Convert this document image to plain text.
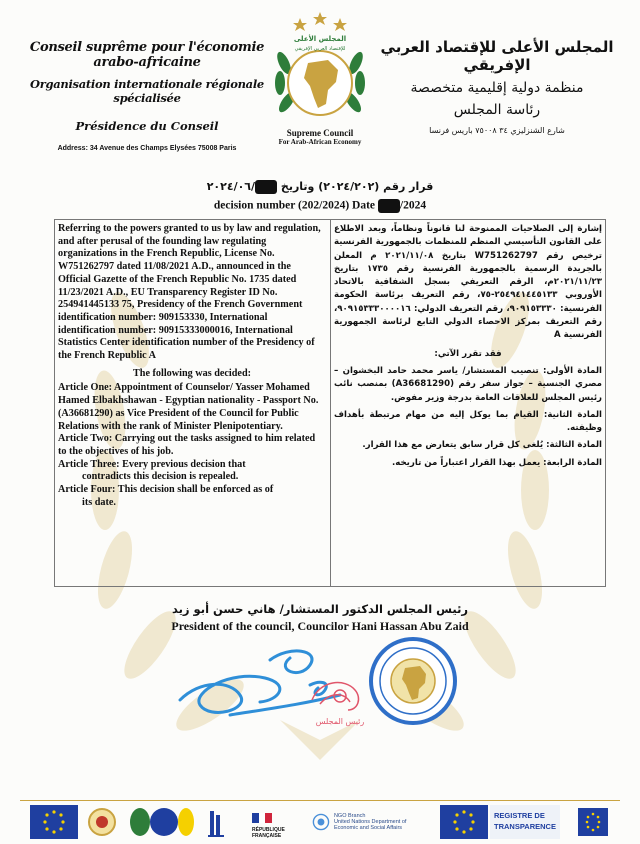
Conseil suprême pour l'économie arabo-africaine
Organisation internationale régionale spécialisée
Présidence du Conseil
Address: 34 Avenue des Champs Elysées 75008 Paris
المجلس الأعلى للإقتصاد العربي الإفريقي
منظمة دولية إقليمية متخصصة
رئاسة المجلس
شارع الشنزليزي ٣٤ ٧٥٠٠٨ باريس فرنسا
المجلس الأعلى
للإقتصاد العربي الإفريقي
Supreme Council
For Arab-African Economy
قرار رقم (٢٠٢٤/٢٠٢) وتاريخ /٢٠٢٤/٠٦
decision number (202/2024) Date /2024

Referring to the powers granted to us by law and regulation, and after perusal of the founding law regulating organizations in the French Republic, License No. W751262797 dated 11/08/2021 A.D., announced in the Official Gazette of the French Republic No. 1735 dated 11/23/2021 A.D., EU Transparency Register ID No. 254941445133 75, Presidency of the French Government identification number: 909153330, International identification number: 90915333000016, International Statistics Center identification number of the Presidency of the French Republic A

The following was decided:

Article One: Appointment of Counselor/ Yasser Mohamed Hamed Elbakhshawan - Egyptian nationality - Passport No. (A36681290) as Vice President of the Council for Public Relations with the rank of Minister Plenipotentiary.

Article Two: Carrying out the tasks assigned to him related to the objectives of his job.

Article Three: Every previous decision that

contradicts this decision is repealed.

Article Four: This decision shall be enforced as of

its date.

إشارة إلى الصلاحيات الممنوحة لنا قانوناً ونظاماً، وبعد الاطلاع على القانون التأسيسي المنظم للمنظمات بالجمهورية الفرنسية ترخيص رقم W751262797 بتاريخ ٢٠٢١/١١/٠٨ م المعلن بالجريدة الرسمية بالجمهورية الفرنسية رقم ١٧٣٥ بتاريخ ٢٠٢١/١١/٢٣م، الرقم التعريفي بسجل الشفافية بالاتحاد الأوروبي ٢٥٤٩٤١٤٤٥١٣٣-٧٥، رقم التعريف برئاسة الحكومة الفرنسية: ٩٠٩١٥٣٣٣٠، رقم التعريف الدولي: ٩٠٩١٥٣٣٣٠٠٠٠١٦، رقم التعريف بمركز الاحصاء الدولي التابع لرئاسة الجمهورية الفرنسية A

فقد تقرر الآتي:

المادة الأولى: تنصيب المستشار/ ياسر محمد حامد البخشوان – مصري الجنسية – جواز سفر رقم (A36681290) بمنصب نائب رئيس المجلس للعلاقات العامة بدرجة وزير مفوض.

المادة الثانية: القيام بما يوكل إليه من مهام مرتبطة بأهداف وظيفته.

المادة الثالثة: يُلغى كل قرار سابق يتعارض مع هذا القرار.

المادة الرابعة: يعمل بهذا القرار اعتباراً من تاريخه.

رئيس المجلس الدكتور المستشار/ هاني حسن أبو زيد
President of the council, Councilor Hani Hassan Abu Zaid
رئيس المجلس
RÉPUBLIQUE
FRANÇAISE
NGO Branch
United Nations Department of Economic and Social Affairs
REGISTRE DE
TRANSPARENCE
